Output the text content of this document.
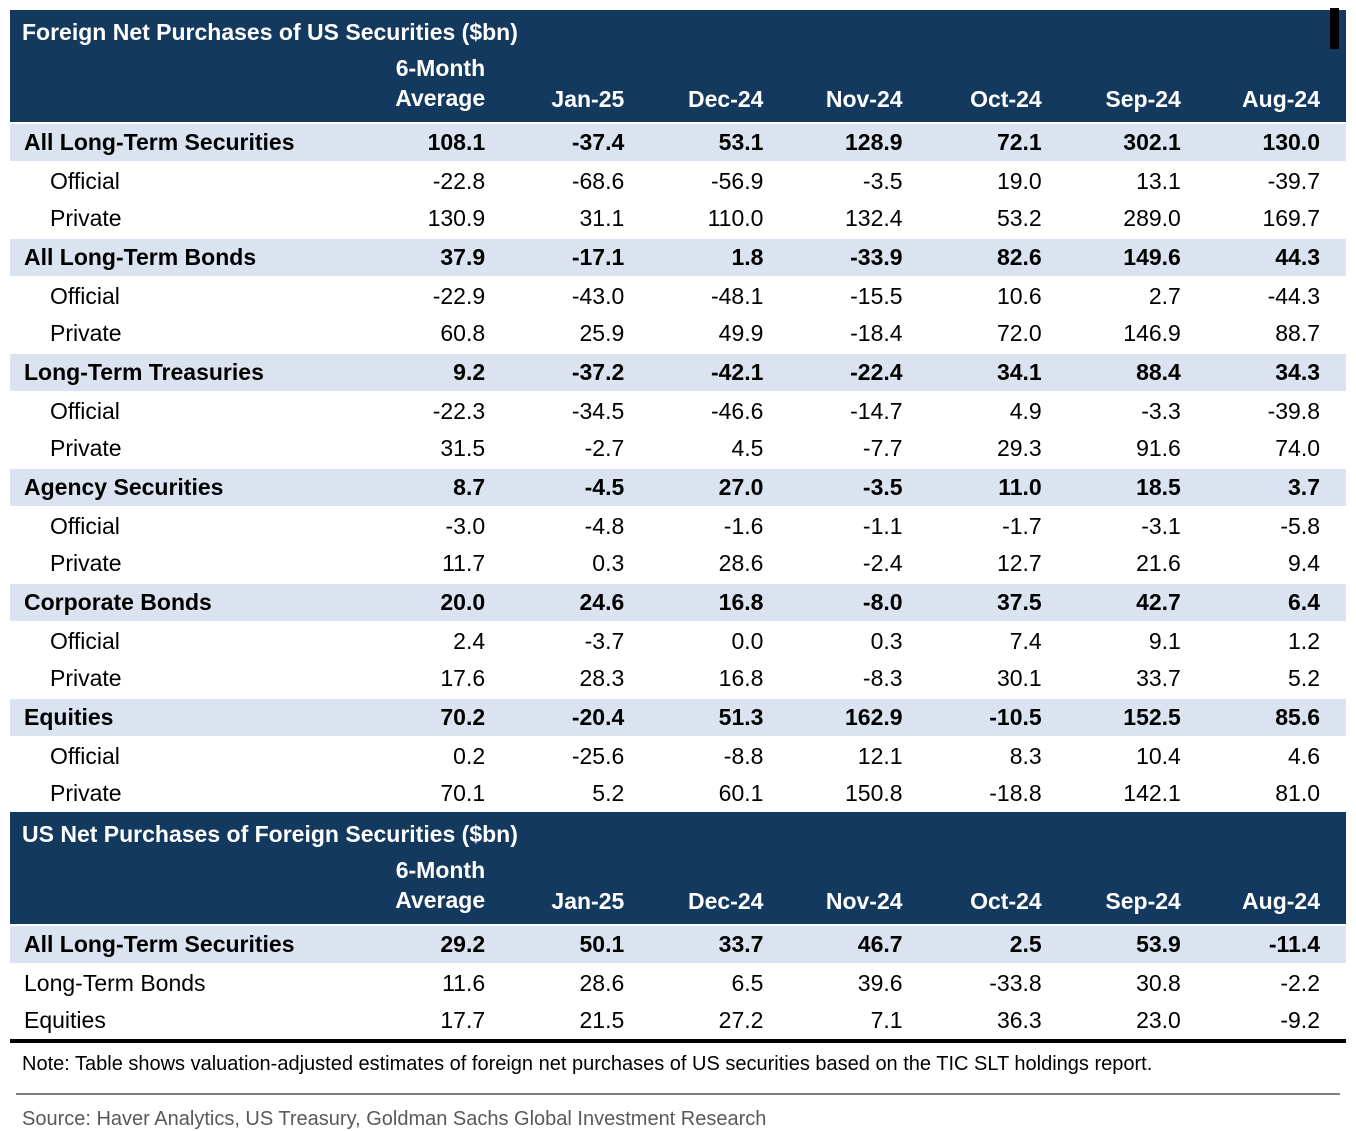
Foreign Net Purchases of US Securities ($bn)							

	6-Month
Average	Jan-25	Dec-24	Nov-24	Oct-24	Sep-24	Aug-24
All Long-Term Securities	108.1	-37.4	53.1	128.9	72.1	302.1	130.0
Official	-22.8	-68.6	-56.9	-3.5	19.0	13.1	-39.7
Private	130.9	31.1	110.0	132.4	53.2	289.0	169.7
All Long-Term Bonds	37.9	-17.1	1.8	-33.9	82.6	149.6	44.3
Official	-22.9	-43.0	-48.1	-15.5	10.6	2.7	-44.3
Private	60.8	25.9	49.9	-18.4	72.0	146.9	88.7
Long-Term Treasuries	9.2	-37.2	-42.1	-22.4	34.1	88.4	34.3
Official	-22.3	-34.5	-46.6	-14.7	4.9	-3.3	-39.8
Private	31.5	-2.7	4.5	-7.7	29.3	91.6	74.0
Agency Securities	8.7	-4.5	27.0	-3.5	11.0	18.5	3.7
Official	-3.0	-4.8	-1.6	-1.1	-1.7	-3.1	-5.8
Private	11.7	0.3	28.6	-2.4	12.7	21.6	9.4
Corporate Bonds	20.0	24.6	16.8	-8.0	37.5	42.7	6.4
Official	2.4	-3.7	0.0	0.3	7.4	9.1	1.2
Private	17.6	28.3	16.8	-8.3	30.1	33.7	5.2
Equities	70.2	-20.4	51.3	162.9	-10.5	152.5	85.6
Official	0.2	-25.6	-8.8	12.1	8.3	10.4	4.6
Private	70.1	5.2	60.1	150.8	-18.8	142.1	81.0
US Net Purchases of Foreign Securities ($bn)							

	6-Month
Average	Jan-25	Dec-24	Nov-24	Oct-24	Sep-24	Aug-24
All Long-Term Securities	29.2	50.1	33.7	46.7	2.5	53.9	-11.4
Long-Term Bonds	11.6	28.6	6.5	39.6	-33.8	30.8	-2.2
Equities	17.7	21.5	27.2	7.1	36.3	23.0	-9.2
Note: Table shows valuation-adjusted estimates of foreign net purchases of US securities based on the TIC SLT holdings report.
Source: Haver Analytics, US Treasury, Goldman Sachs Global Investment Research
